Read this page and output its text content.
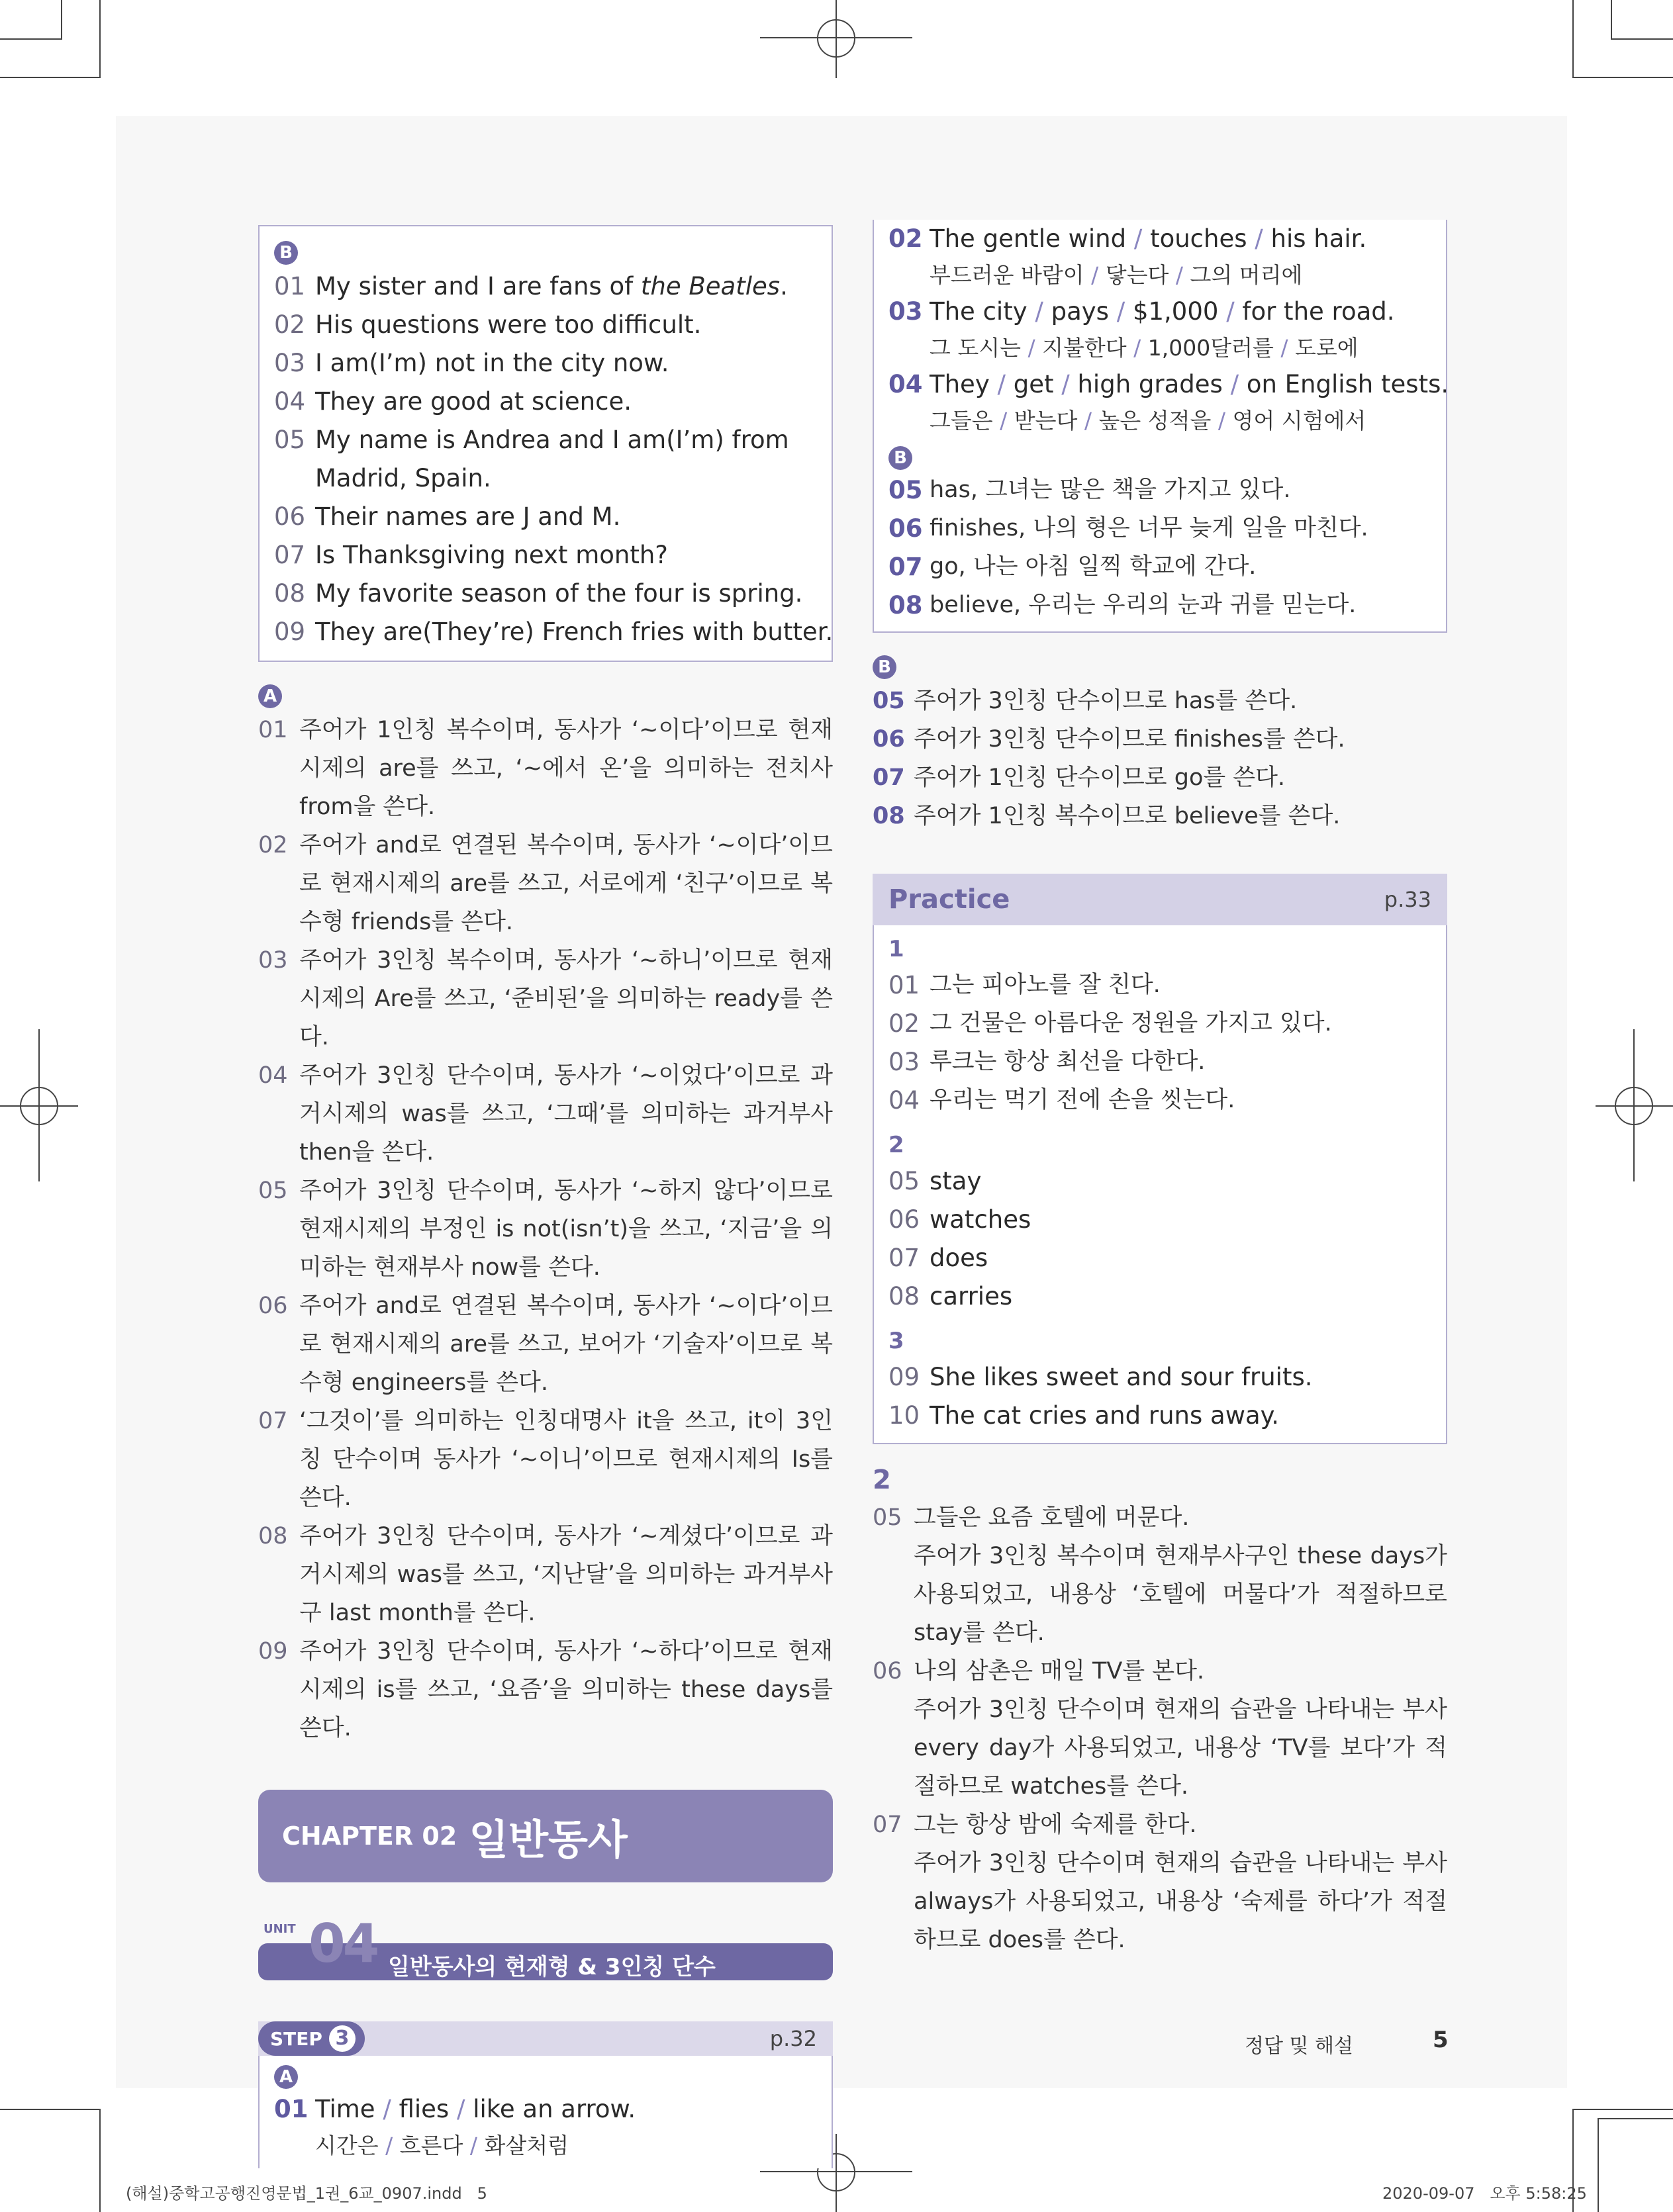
B
01 My sister and I are fans of the Beatles.
02 His questions were too difficult.
03 I am(I’m) not in the city now.
04 They are good at science.
05 My name is Andrea and I am(I’m) from
Madrid, Spain.
06 Their names are J and M.
07 Is Thanksgiving next month?
08 My favorite season of the four is spring.
09 They are(They’re) French fries with butter.
A
01 주어가 1인칭 복수이며, 동사가 ‘~이다’이므로 현재시제의 are를 쓰고, ‘~에서 온’을 의미하는 전치사 from을 쓴다.
02 주어가 and로 연결된 복수이며, 동사가 ‘~이다’이므로 현재시제의 are를 쓰고, 서로에게 ‘친구’이므로 복수형 friends를 쓴다.
03 주어가 3인칭 복수이며, 동사가 ‘~하니’이므로 현재시제의 Are를 쓰고, ‘준비된’을 의미하는 ready를 쓴다.
04 주어가 3인칭 단수이며, 동사가 ‘~이었다’이므로 과거시제의 was를 쓰고, ‘그때’를 의미하는 과거부사 then을 쓴다.
05 주어가 3인칭 단수이며, 동사가 ‘~하지 않다’이므로 현재시제의 부정인 is not(isn’t)을 쓰고, ‘지금’을 의미하는 현재부사 now를 쓴다.
06 주어가 and로 연결된 복수이며, 동사가 ‘~이다’이므로 현재시제의 are를 쓰고, 보어가 ‘기술자’이므로 복수형 engineers를 쓴다.
07 ‘그것이’를 의미하는 인칭대명사 it을 쓰고, it이 3인칭 단수이며 동사가 ‘~이니’이므로 현재시제의 Is를 쓴다.
08 주어가 3인칭 단수이며, 동사가 ‘~계셨다’이므로 과거시제의 was를 쓰고, ‘지난달’을 의미하는 과거부사구 last month를 쓴다.
09 주어가 3인칭 단수이며, 동사가 ‘~하다’이므로 현재시제의 is를 쓰고, ‘요즘’을 의미하는 these days를 쓴다.
CHAPTER 02 일반동사
UNIT 04 일반동사의 현재형 & 3인칭 단수
STEP 3	p.32
A
01 Time / flies / like an arrow.
시간은 / 흐른다 / 화살처럼
02 The gentle wind / touches / his hair.
부드러운 바람이 / 닿는다 / 그의 머리에
03 The city / pays / $1,000 / for the road.
그 도시는 / 지불한다 / 1,000달러를 / 도로에
04 They / get / high grades / on English tests.
그들은 / 받는다 / 높은 성적을 / 영어 시험에서
B
05 has, 그녀는 많은 책을 가지고 있다.
06 finishes, 나의 형은 너무 늦게 일을 마친다.
07 go, 나는 아침 일찍 학교에 간다.
08 believe, 우리는 우리의 눈과 귀를 믿는다.
B
05 주어가 3인칭 단수이므로 has를 쓴다.
06 주어가 3인칭 단수이므로 finishes를 쓴다.
07 주어가 1인칭 단수이므로 go를 쓴다.
08 주어가 1인칭 복수이므로 believe를 쓴다.
Practice	p.33
1
01 그는 피아노를 잘 친다.
02 그 건물은 아름다운 정원을 가지고 있다.
03 루크는 항상 최선을 다한다.
04 우리는 먹기 전에 손을 씻는다.
2
05 stay
06 watches
07 does
08 carries
3
09 She likes sweet and sour fruits.
10 The cat cries and runs away.
2
05 그들은 요즘 호텔에 머문다.
주어가 3인칭 복수이며 현재부사구인 these days가 사용되었고, 내용상 ‘호텔에 머물다’가 적절하므로 stay를 쓴다.
06 나의 삼촌은 매일 TV를 본다.
주어가 3인칭 단수이며 현재의 습관을 나타내는 부사 every day가 사용되었고, 내용상 ‘TV를 보다’가 적절하므로 watches를 쓴다.
07 그는 항상 밤에 숙제를 한다.
주어가 3인칭 단수이며 현재의 습관을 나타내는 부사 always가 사용되었고, 내용상 ‘숙제를 하다’가 적절하므로 does를 쓴다.
정답 및 해설	5
(해설)중학고공행진영문법_1권_6교_0907.indd   5	2020-09-07   오후 5:58:25
